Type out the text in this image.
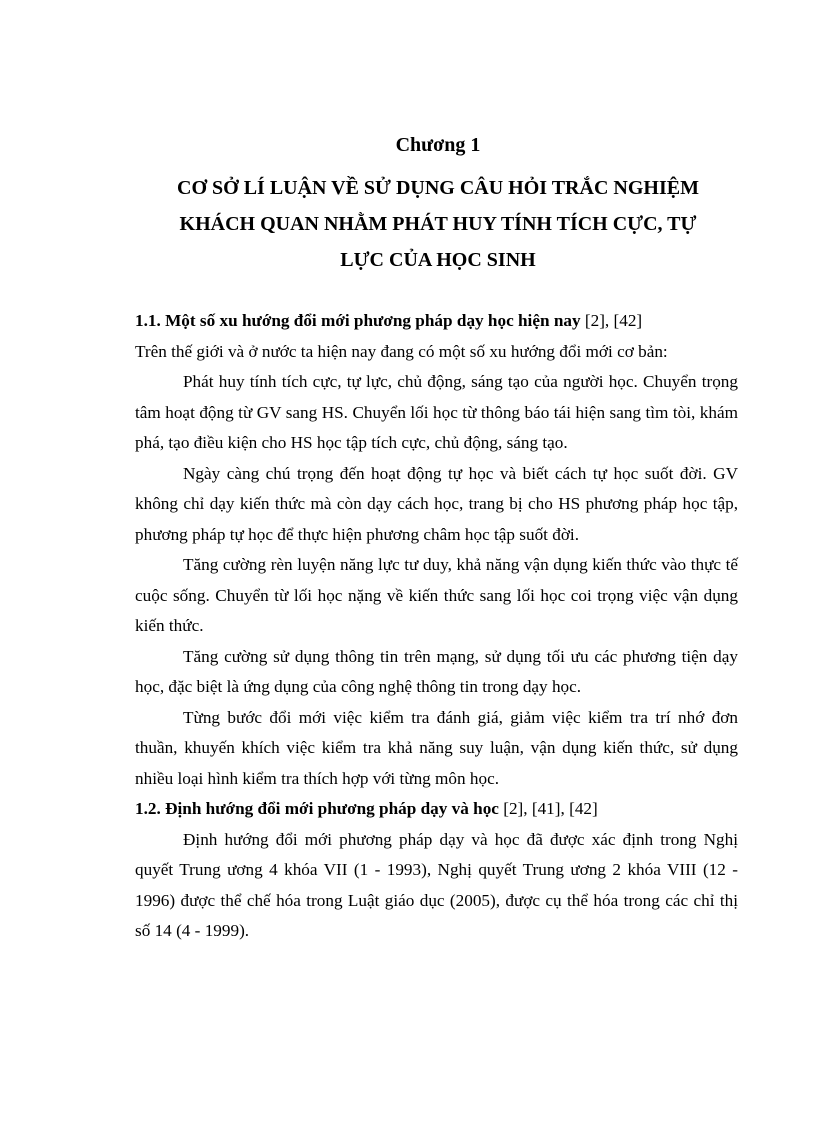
Chương 1
CƠ SỞ LÍ LUẬN VỀ SỬ DỤNG CÂU HỎI TRẮC NGHIỆM
KHÁCH QUAN NHẰM PHÁT HUY TÍNH TÍCH CỰC, TỰ
LỰC CỦA HỌC SINH

1.1. Một số xu hướng đổi mới phương pháp dạy học hiện nay [2], [42]

Trên thế giới và ở nước ta hiện nay đang có một số xu hướng đổi mới cơ bản:

Phát huy tính tích cực, tự lực, chủ động, sáng tạo của người học. Chuyển trọng tâm hoạt động từ GV sang HS. Chuyển lối học từ thông báo tái hiện sang tìm tòi, khám phá, tạo điều kiện cho HS học tập tích cực, chủ động, sáng tạo.

Ngày càng chú trọng đến hoạt động tự học và biết cách tự học suốt đời. GV không chỉ dạy kiến thức mà còn dạy cách học, trang bị cho HS phương pháp học tập, phương pháp tự học để thực hiện phương châm học tập suốt đời.

Tăng cường rèn luyện năng lực tư duy, khả năng vận dụng kiến thức vào thực tế cuộc sống. Chuyển từ lối học nặng về kiến thức sang lối học coi trọng việc vận dụng kiến thức.

Tăng cường sử dụng thông tin trên mạng, sử dụng tối ưu các phương tiện dạy học, đặc biệt là ứng dụng của công nghệ thông tin trong dạy học.

Từng bước đổi mới việc kiểm tra đánh giá, giảm việc kiểm tra trí nhớ đơn thuần, khuyến khích việc kiểm tra khả năng suy luận, vận dụng kiến thức, sử dụng nhiều loại hình kiểm tra thích hợp với từng môn học.

1.2. Định hướng đổi mới phương pháp dạy và học [2], [41], [42]

Định hướng đổi mới phương pháp dạy và học đã được xác định trong Nghị quyết Trung ương 4 khóa VII (1 - 1993), Nghị quyết Trung ương 2 khóa VIII (12 - 1996) được thể chế hóa trong Luật giáo dục (2005), được cụ thể hóa trong các chỉ thị số 14 (4 - 1999).
